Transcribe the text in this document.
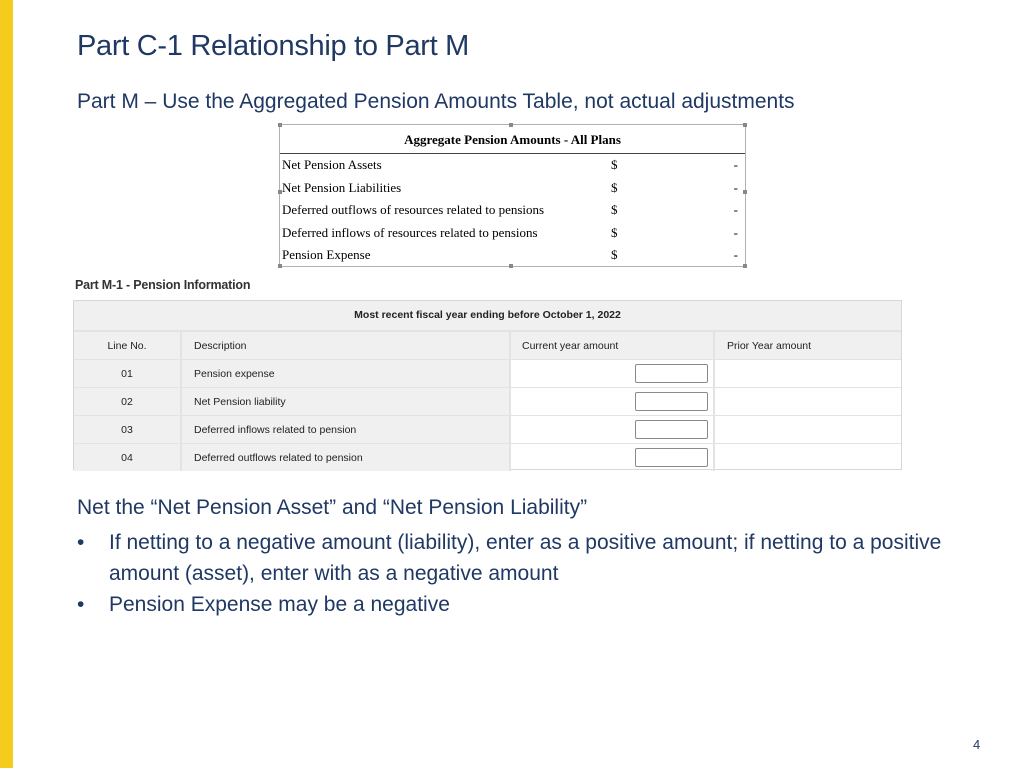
Part C-1 Relationship to Part M
Part M – Use the Aggregated Pension Amounts Table, not actual adjustments
Aggregate Pension Amounts - All Plans
Net Pension Assets	$	-
Net Pension Liabilities	$	-
Deferred outflows of resources related to pensions	$	-
Deferred inflows of resources related to pensions	$	-
Pension Expense	$	-
Part M-1 - Pension Information
Most recent fiscal year ending before October 1, 2022
Line No.	Description	Current year amount	Prior Year amount
01	Pension expense
02	Net Pension liability
03	Deferred inflows related to pension
04	Deferred outflows related to pension
Net the “Net Pension Asset” and “Net Pension Liability”
• If netting to a negative amount (liability), enter as a positive amount; if netting to a positive amount (asset), enter with as a negative amount
• Pension Expense may be a negative
4
